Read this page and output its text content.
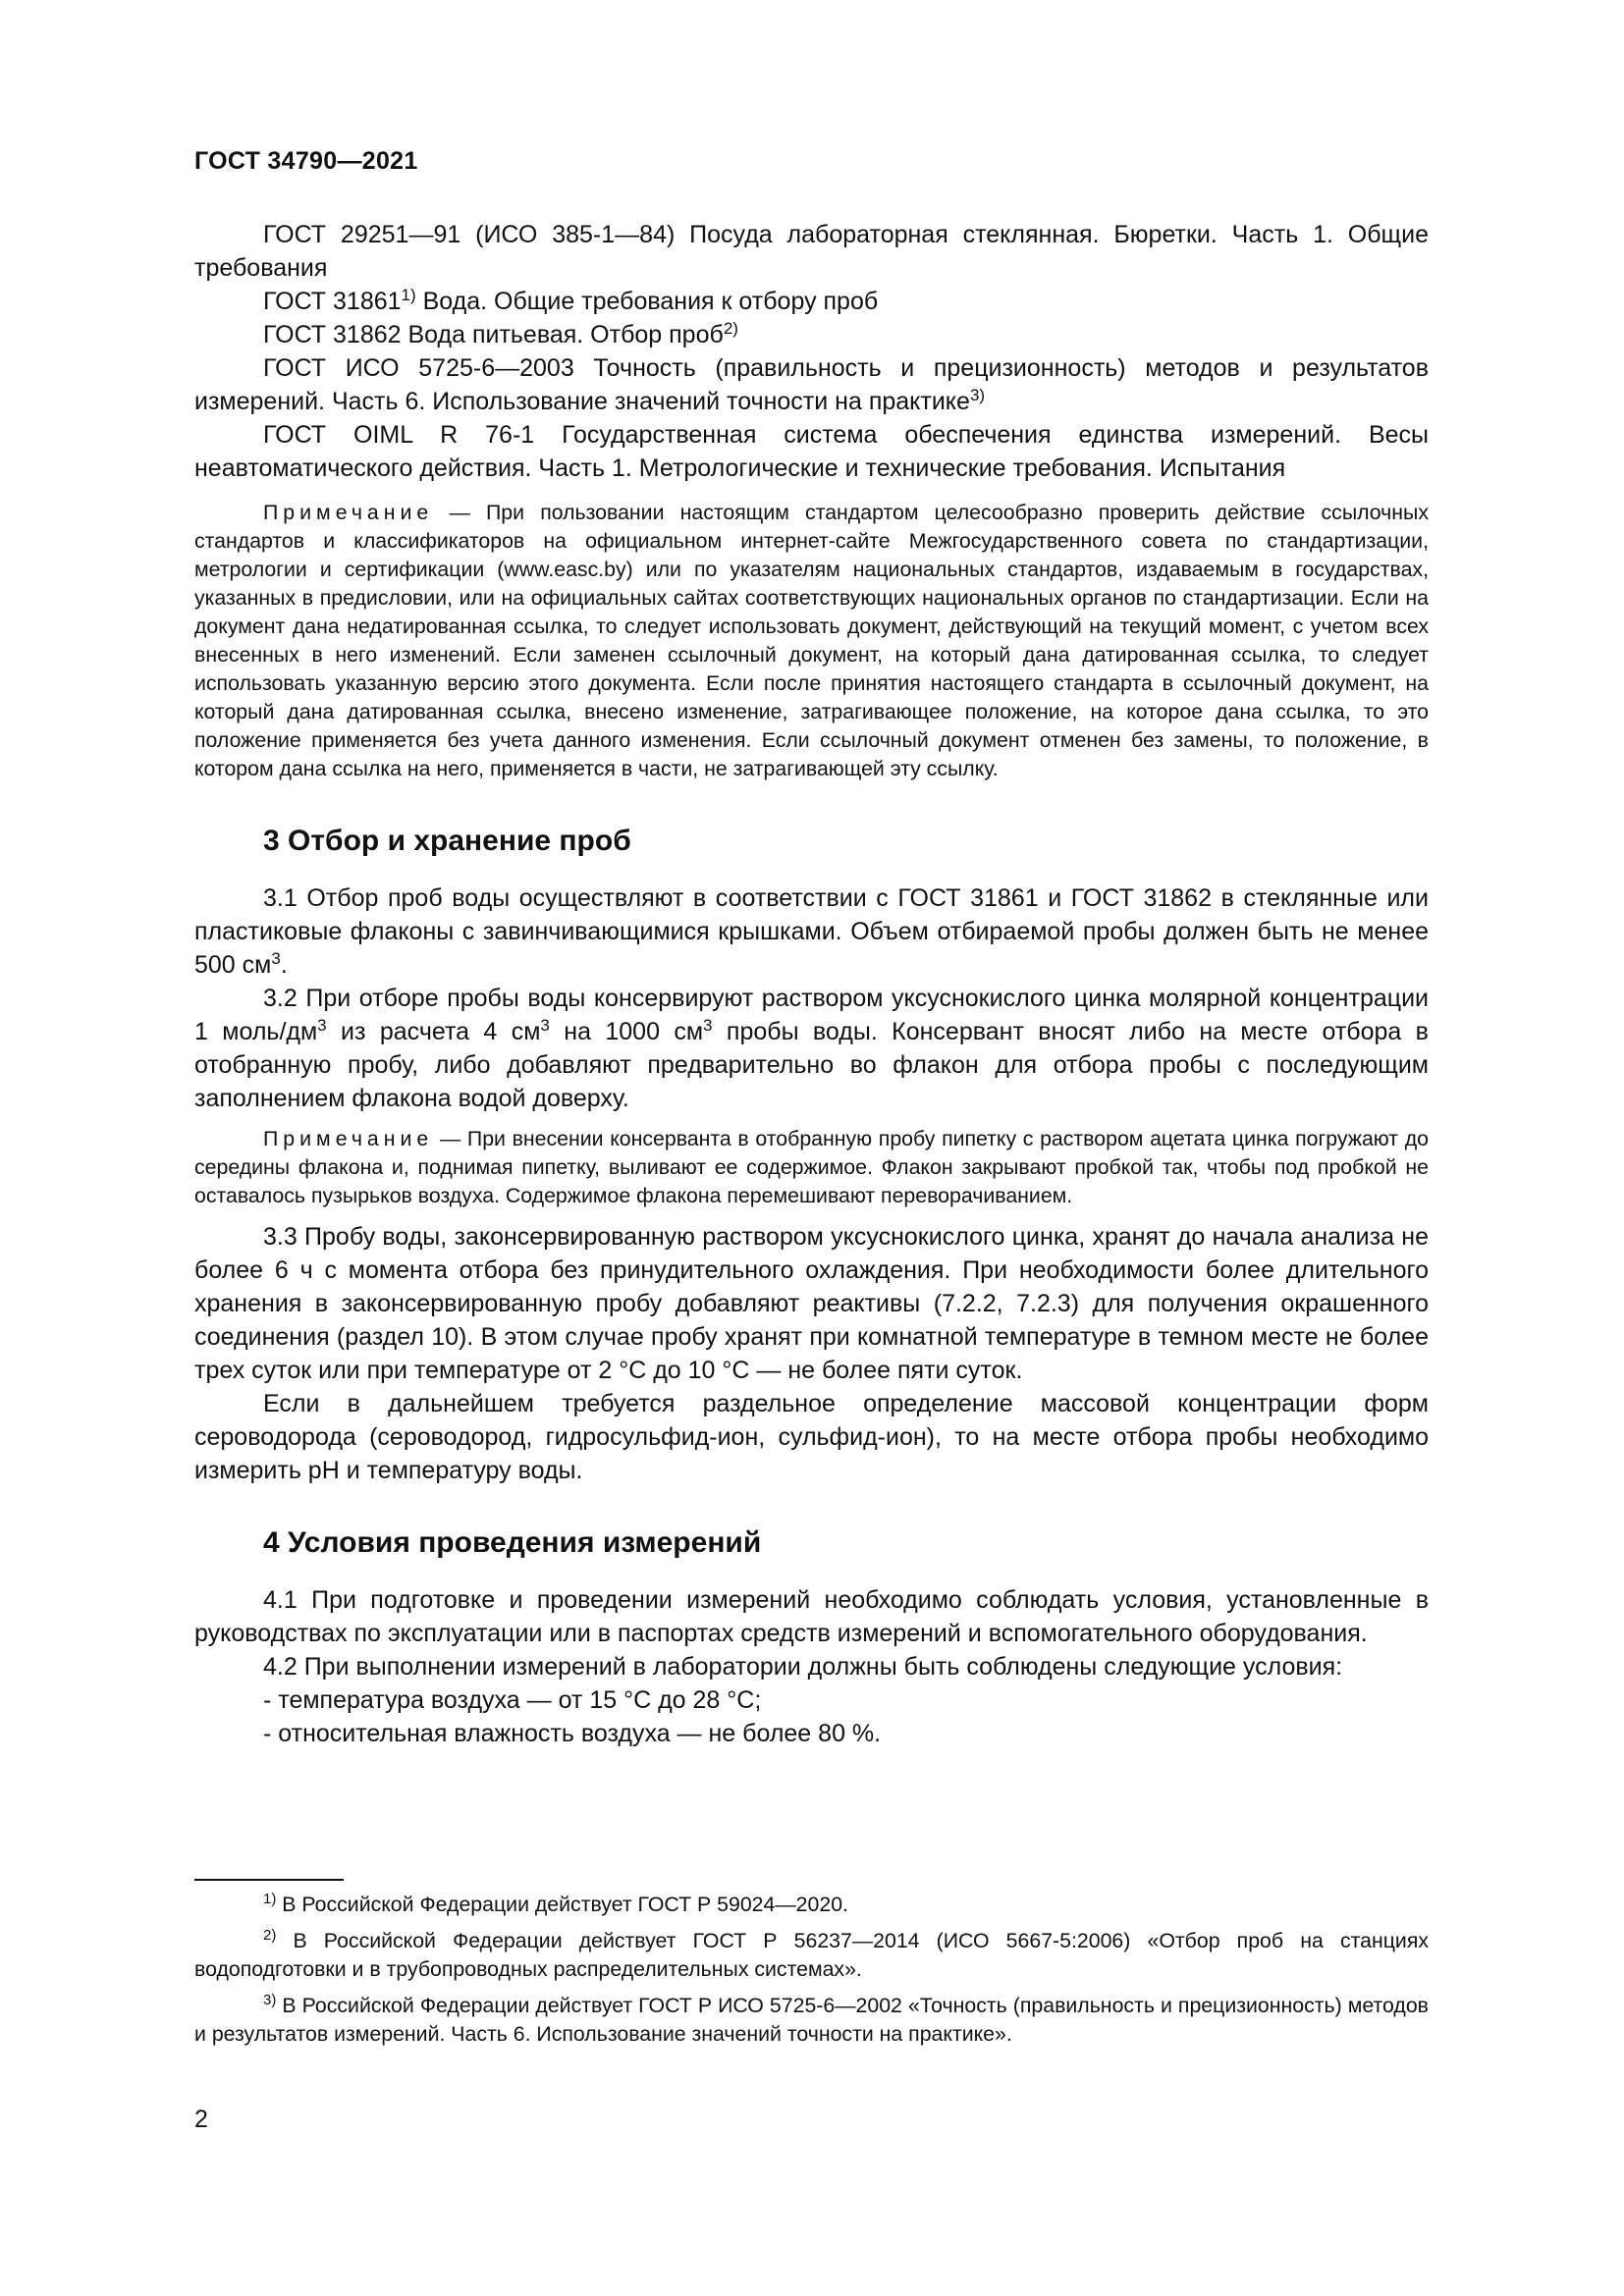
ГОСТ 34790—2021

ГОСТ 29251—91 (ИСО 385-1—84) Посуда лабораторная стеклянная. Бюретки. Часть 1. Общие требования

ГОСТ 31861$^{1)}$ Вода. Общие требования к отбору проб

ГОСТ 31862 Вода питьевая. Отбор проб$^{2)}$

ГОСТ ИСО 5725-6—2003 Точность (правильность и прецизионность) методов и результатов измерений. Часть 6. Использование значений точности на практике$^{3)}$

ГОСТ OIML R 76-1 Государственная система обеспечения единства измерений. Весы неавтоматического действия. Часть 1. Метрологические и технические требования. Испытания

Примечание — При пользовании настоящим стандартом целесообразно проверить действие ссылочных стандартов и классификаторов на официальном интернет-сайте Межгосударственного совета по стандартизации, метрологии и сертификации (www.easc.by) или по указателям национальных стандартов, издаваемым в государствах, указанных в предисловии, или на официальных сайтах соответствующих национальных органов по стандартизации. Если на документ дана недатированная ссылка, то следует использовать документ, действующий на текущий момент, с учетом всех внесенных в него изменений. Если заменен ссылочный документ, на который дана датированная ссылка, то следует использовать указанную версию этого документа. Если после принятия настоящего стандарта в ссылочный документ, на который дана датированная ссылка, внесено изменение, затрагивающее положение, на которое дана ссылка, то это положение применяется без учета данного изменения. Если ссылочный документ отменен без замены, то положение, в котором дана ссылка на него, применяется в части, не затрагивающей эту ссылку.

3 Отбор и хранение проб

3.1 Отбор проб воды осуществляют в соответствии с ГОСТ 31861 и ГОСТ 31862 в стеклянные или пластиковые флаконы с завинчивающимися крышками. Объем отбираемой пробы должен быть не менее 500 $см^3$.

3.2 При отборе пробы воды консервируют раствором уксуснокислого цинка молярной концентрации 1 моль/$дм^3$ из расчета 4 $см^3$ на 1000 $см^3$ пробы воды. Консервант вносят либо на месте отбора в отобранную пробу, либо добавляют предварительно во флакон для отбора пробы с последующим заполнением флакона водой доверху.

Примечание — При внесении консерванта в отобранную пробу пипетку с раствором ацетата цинка погружают до середины флакона и, поднимая пипетку, выливают ее содержимое. Флакон закрывают пробкой так, чтобы под пробкой не оставалось пузырьков воздуха. Содержимое флакона перемешивают переворачиванием.

3.3 Пробу воды, законсервированную раствором уксуснокислого цинка, хранят до начала анализа не более 6 ч с момента отбора без принудительного охлаждения. При необходимости более длительного хранения в законсервированную пробу добавляют реактивы (7.2.2, 7.2.3) для получения окрашенного соединения (раздел 10). В этом случае пробу хранят при комнатной температуре в темном месте не более трех суток или при температуре от 2 °С до 10 °С — не более пяти суток.

Если в дальнейшем требуется раздельное определение массовой концентрации форм сероводорода (сероводород, гидросульфид-ион, сульфид-ион), то на месте отбора пробы необходимо измерить pH и температуру воды.

4 Условия проведения измерений

4.1 При подготовке и проведении измерений необходимо соблюдать условия, установленные в руководствах по эксплуатации или в паспортах средств измерений и вспомогательного оборудования.

4.2 При выполнении измерений в лаборатории должны быть соблюдены следующие условия:

- температура воздуха — от 15 °С до 28 °С;

- относительная влажность воздуха — не более 80 %.

$^{1)}$ В Российской Федерации действует ГОСТ Р 59024—2020.

$^{2)}$ В Российской Федерации действует ГОСТ Р 56237—2014 (ИСО 5667-5:2006) «Отбор проб на станциях водоподготовки и в трубопроводных распределительных системах».

$^{3)}$ В Российской Федерации действует ГОСТ Р ИСО 5725-6—2002 «Точность (правильность и прецизионность) методов и результатов измерений. Часть 6. Использование значений точности на практике».

2
